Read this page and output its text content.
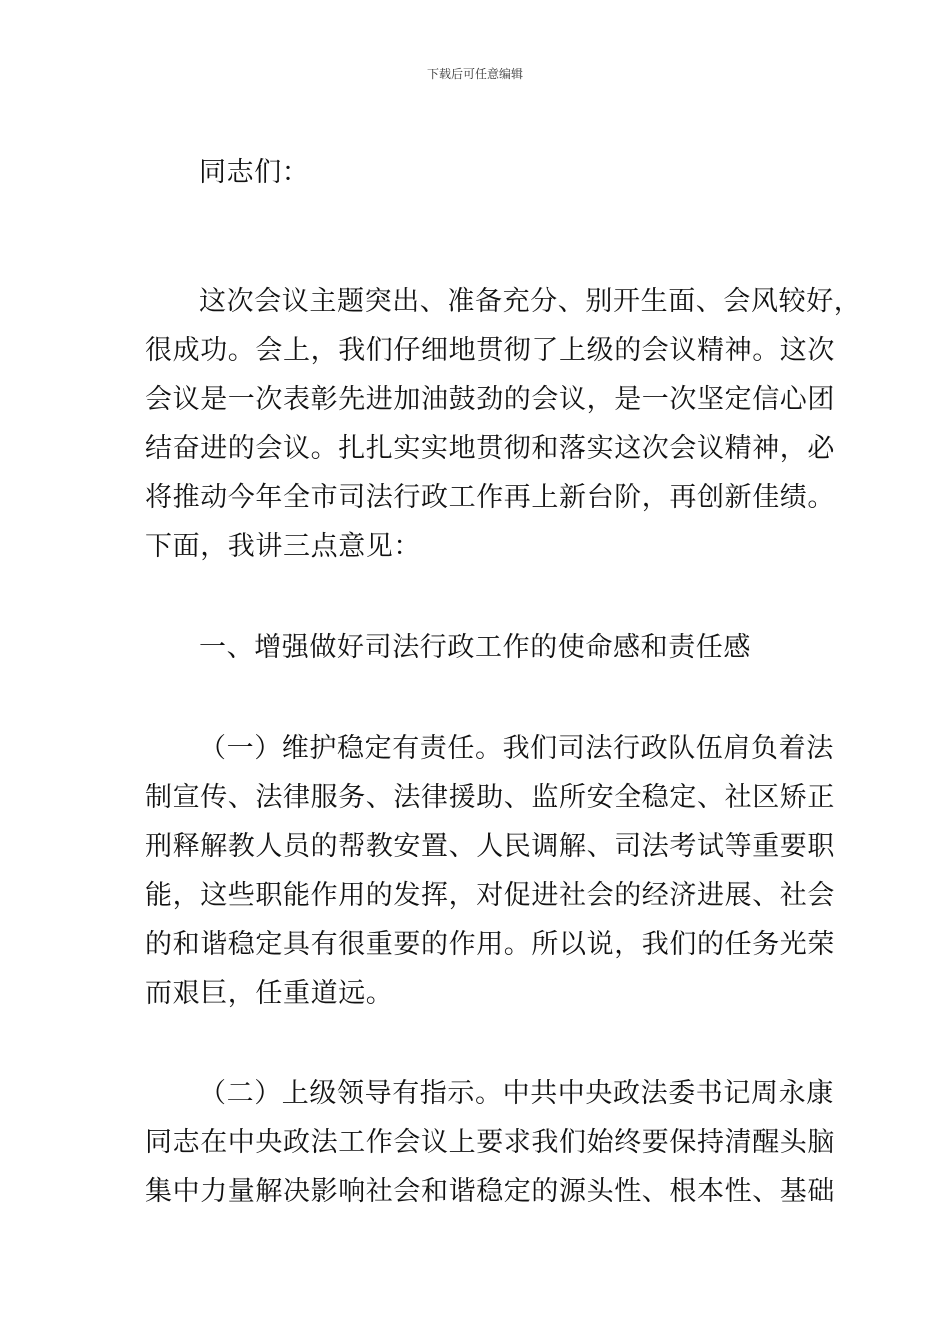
下载后可任意编辑
同志们：
这次会议主题突出、准备充分、别开生面、会风较好，
很成功。会上，我们仔细地贯彻了上级的会议精神。这次
会议是一次表彰先进加油鼓劲的会议，是一次坚定信心团
结奋进的会议。扎扎实实地贯彻和落实这次会议精神，必
将推动今年全市司法行政工作再上新台阶，再创新佳绩。
下面，我讲三点意见：
一、增强做好司法行政工作的使命感和责任感
（一）维护稳定有责任。我们司法行政队伍肩负着法
制宣传、法律服务、法律援助、监所安全稳定、社区矫正
刑释解教人员的帮教安置、人民调解、司法考试等重要职
能，这些职能作用的发挥，对促进社会的经济进展、社会
的和谐稳定具有很重要的作用。所以说，我们的任务光荣
而艰巨，任重道远。
（二）上级领导有指示。中共中央政法委书记周永康
同志在中央政法工作会议上要求我们始终要保持清醒头脑
集中力量解决影响社会和谐稳定的源头性、根本性、基础
